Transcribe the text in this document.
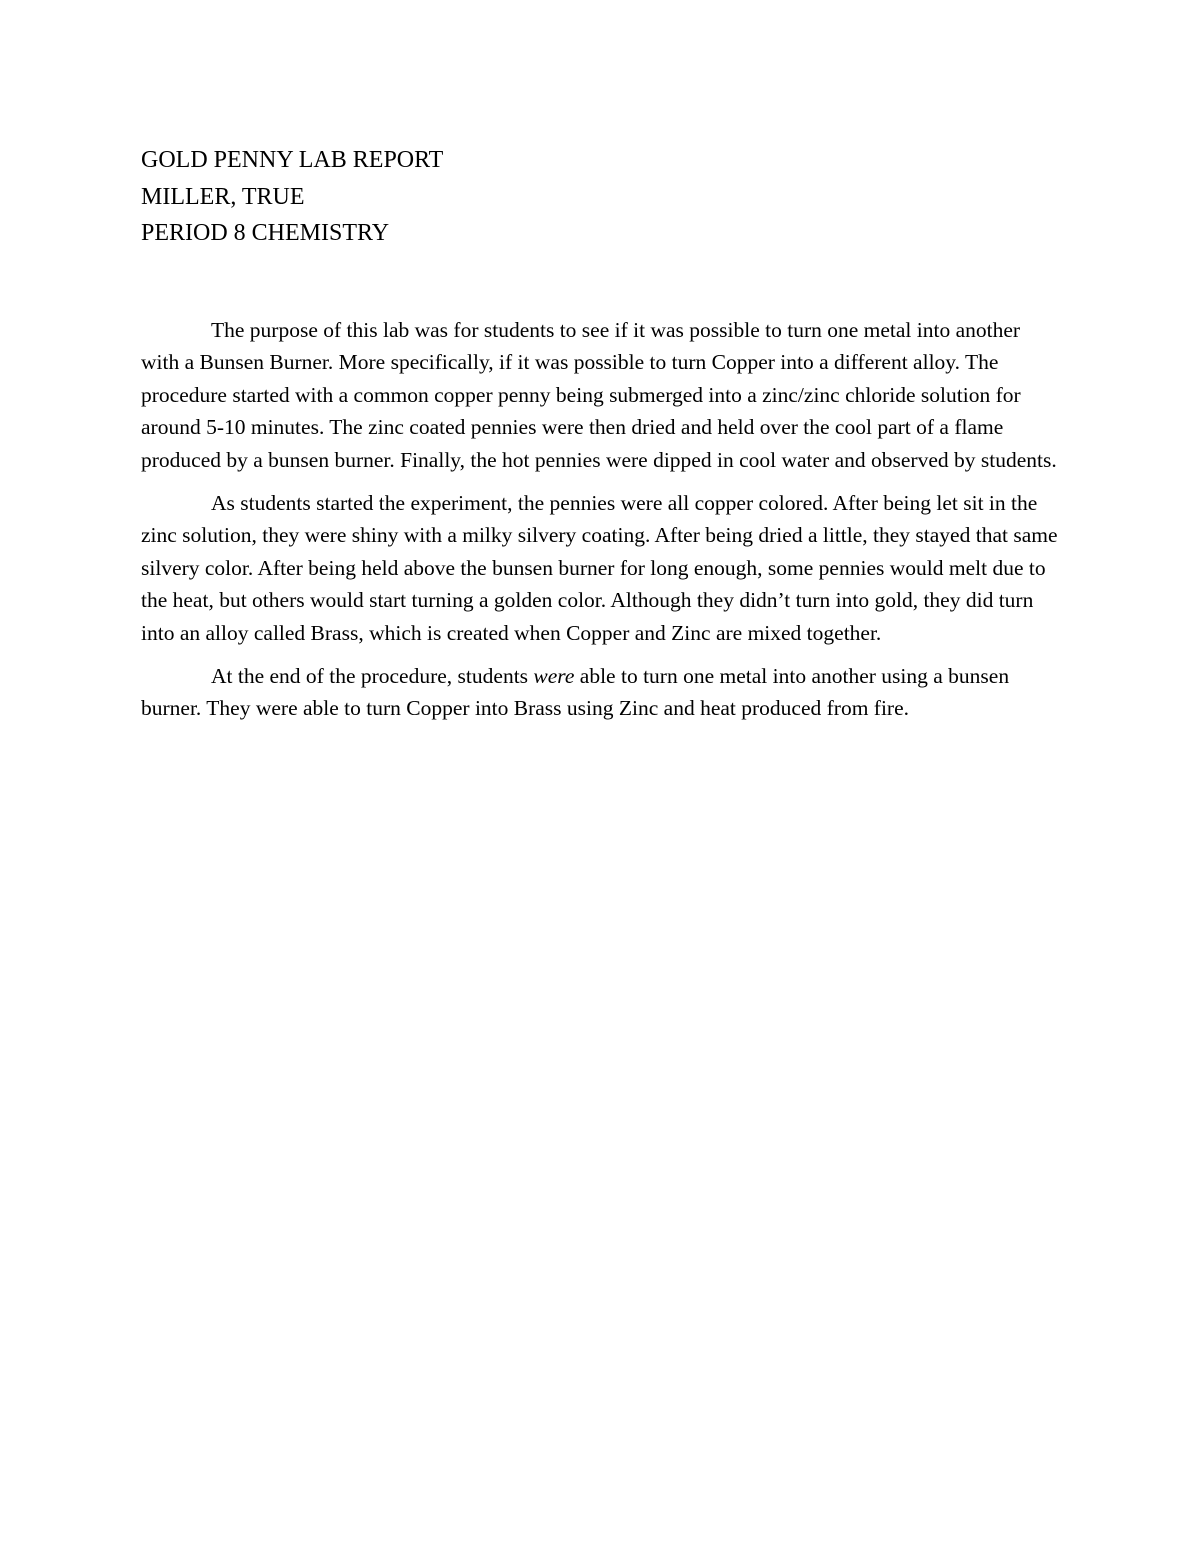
GOLD PENNY LAB REPORT
MILLER, TRUE
PERIOD 8 CHEMISTRY

The purpose of this lab was for students to see if it was possible to turn one metal into another with a Bunsen Burner. More specifically, if it was possible to turn Copper into a different alloy. The procedure started with a common copper penny being submerged into a zinc/zinc chloride solution for around 5-10 minutes. The zinc coated pennies were then dried and held over the cool part of a flame produced by a bunsen burner. Finally, the hot pennies were dipped in cool water and observed by students.

As students started the experiment, the pennies were all copper colored. After being let sit in the zinc solution, they were shiny with a milky silvery coating. After being dried a little, they stayed that same silvery color. After being held above the bunsen burner for long enough, some pennies would melt due to the heat, but others would start turning a golden color. Although they didn’t turn into gold, they did turn into an alloy called Brass, which is created when Copper and Zinc are mixed together.

At the end of the procedure, students were able to turn one metal into another using a bunsen burner. They were able to turn Copper into Brass using Zinc and heat produced from fire.
